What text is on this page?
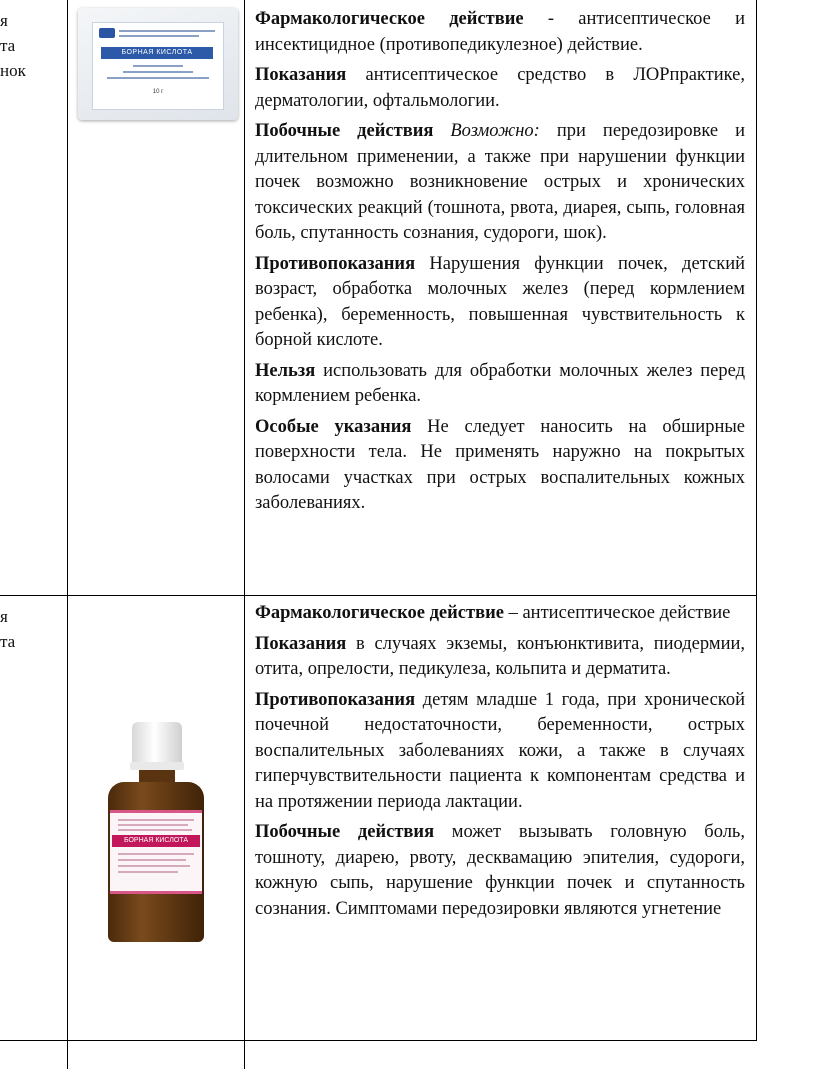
я
та
нок
я
та
БОРНАЯ КИСЛОТА
10 г
БОРНАЯ КИСЛОТА

Фармакологическое действие - антисептическое и инсектицидное (противопедикулезное) действие.

Показания антисептическое средство в ЛОРпрактике, дерматологии, офтальмологии.

Побочные действия Возможно: при передозировке и длительном применении, а также при нарушении функции почек возможно возникновение острых и хронических токсических реакций (тошнота, рвота, диарея, сыпь, головная боль, спутанность сознания, судороги, шок).

Противопоказания Нарушения функции почек, детский возраст, обработка молочных желез (перед кормлением ребенка), беременность, повышенная чувствительность к борной кислоте.

Нельзя использовать для обработки молочных желез перед кормлением ребенка.

Особые указания Не следует наносить на обширные поверхности тела. Не применять наружно на покрытых волосами участках при острых воспалительных кожных заболеваниях.

Фармакологическое действие – антисептическое действие

Показания в случаях экземы, конъюнктивита, пиодермии, отита, опрелости, педикулеза, кольпита и дерматита.

Противопоказания детям младше 1 года, при хронической почечной недостаточности, беременности, острых воспалительных заболеваниях кожи, а также в случаях гиперчувствительности пациента к компонентам средства и на протяжении периода лактации.

Побочные действия может вызывать головную боль, тошноту, диарею, рвоту, десквамацию эпителия, судороги, кожную сыпь, нарушение функции почек и спутанность сознания. Симптомами передозировки являются угнетение
